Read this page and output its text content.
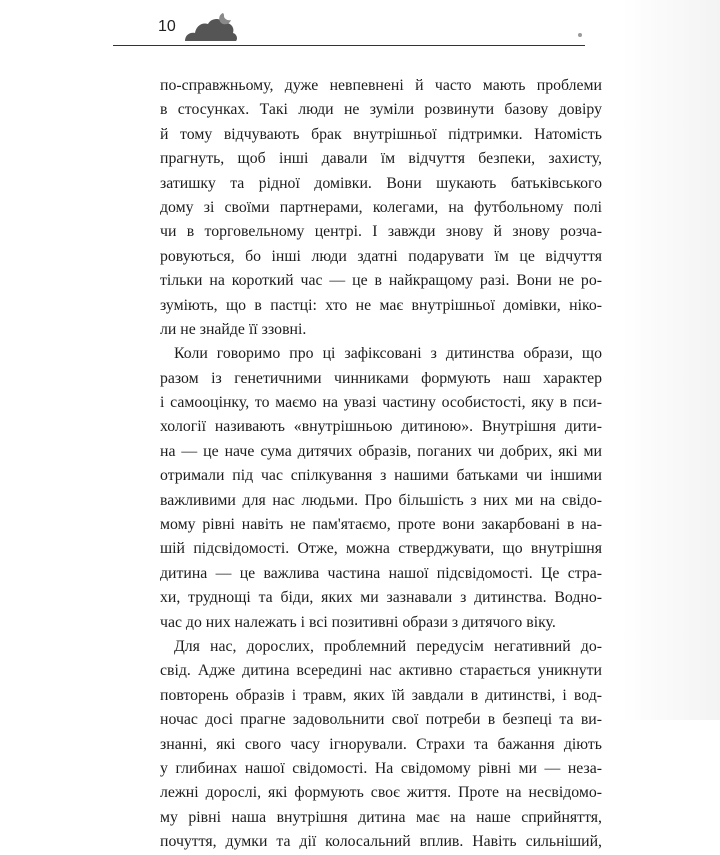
10
по-справжньому, дуже невпевнені й часто мають проблеми
в стосунках. Такі люди не зуміли розвинути базову довіру
й тому відчувають брак внутрішньої підтримки. Натомість
прагнуть, щоб інші давали їм відчуття безпеки, захисту,
затишку та рідної домівки. Вони шукають батьківського
дому зі своїми партнерами, колегами, на футбольному полі
чи в торговельному центрі. І завжди знову й знову розча-
ровуються, бо інші люди здатні подарувати їм це відчуття
тільки на короткий час — це в найкращому разі. Вони не ро-
зуміють, що в пастці: хто не має внутрішньої домівки, ніко-
ли не знайде її ззовні.
Коли говоримо про ці зафіксовані з дитинства образи, що
разом із генетичними чинниками формують наш характер
і самооцінку, то маємо на увазі частину особистості, яку в пси-
хології називають «внутрішньою дитиною». Внутрішня дити-
на — це наче сума дитячих образів, поганих чи добрих, які ми
отримали під час спілкування з нашими батьками чи іншими
важливими для нас людьми. Про більшість з них ми на свідо-
мому рівні навіть не пам'ятаємо, проте вони закарбовані в на-
шій підсвідомості. Отже, можна стверджувати, що внутрішня
дитина — це важлива частина нашої підсвідомості. Це стра-
хи, труднощі та біди, яких ми зазнавали з дитинства. Водно-
час до них належать і всі позитивні образи з дитячого віку.
Для нас, дорослих, проблемний передусім негативний до-
свід. Адже дитина всередині нас активно старається уникнути
повторень образів і травм, яких їй завдали в дитинстві, і вод-
ночас досі прагне задовольнити свої потреби в безпеці та ви-
знанні, які свого часу ігнорували. Страхи та бажання діють
у глибинах нашої свідомості. На свідомому рівні ми — неза-
лежні дорослі, які формують своє життя. Проте на несвідомо-
му рівні наша внутрішня дитина має на наше сприйняття,
почуття, думки та дії колосальний вплив. Навіть сильніший,
